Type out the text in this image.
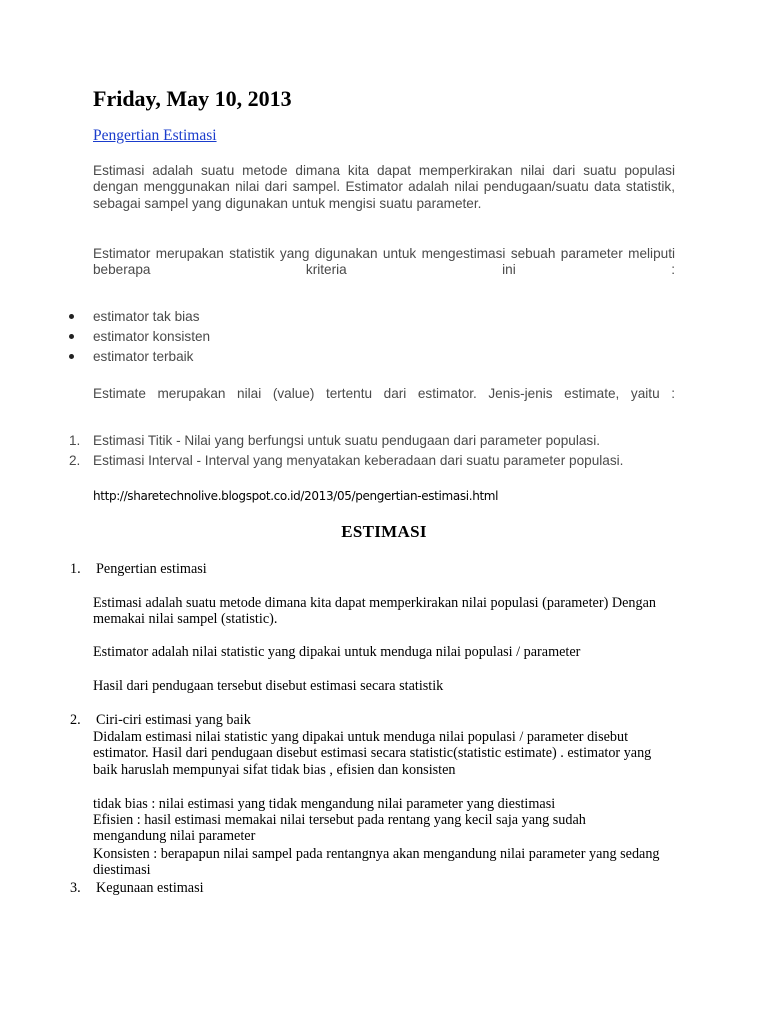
Friday, May 10, 2013
Pengertian Estimasi
Estimasi adalah suatu metode dimana kita dapat memperkirakan nilai dari suatu populasi dengan menggunakan nilai dari sampel. Estimator adalah nilai pendugaan/suatu data statistik, sebagai sampel yang digunakan untuk mengisi suatu parameter.
Estimator merupakan statistik yang digunakan untuk mengestimasi sebuah parameter meliputi beberapa kriteria ini :
estimator tak bias
estimator konsisten
estimator terbaik
Estimate merupakan nilai (value) tertentu dari estimator. Jenis-jenis estimate, yaitu :
1. Estimasi Titik - Nilai yang berfungsi untuk suatu pendugaan dari parameter populasi.
2. Estimasi Interval - Interval yang menyatakan keberadaan dari suatu parameter populasi.
http://sharetechnolive.blogspot.co.id/2013/05/pengertian-estimasi.html
ESTIMASI
1. Pengertian estimasi
Estimasi adalah suatu metode dimana kita dapat memperkirakan nilai populasi (parameter) Dengan memakai nilai sampel (statistic).
Estimator adalah nilai statistic yang dipakai untuk menduga nilai populasi / parameter
Hasil dari pendugaan tersebut disebut estimasi secara statistik
2. Ciri-ciri estimasi yang baik
Didalam estimasi nilai statistic yang dipakai untuk menduga nilai populasi / parameter disebut estimator. Hasil dari pendugaan disebut estimasi secara statistic(statistic estimate) . estimator yang baik haruslah mempunyai sifat tidak bias , efisien dan konsisten
tidak bias : nilai estimasi yang tidak mengandung nilai parameter yang diestimasi
Efisien : hasil estimasi memakai nilai tersebut pada rentang yang kecil saja yang sudah mengandung nilai parameter
Konsisten : berapapun nilai sampel pada rentangnya akan mengandung nilai parameter yang sedang diestimasi
3. Kegunaan estimasi
